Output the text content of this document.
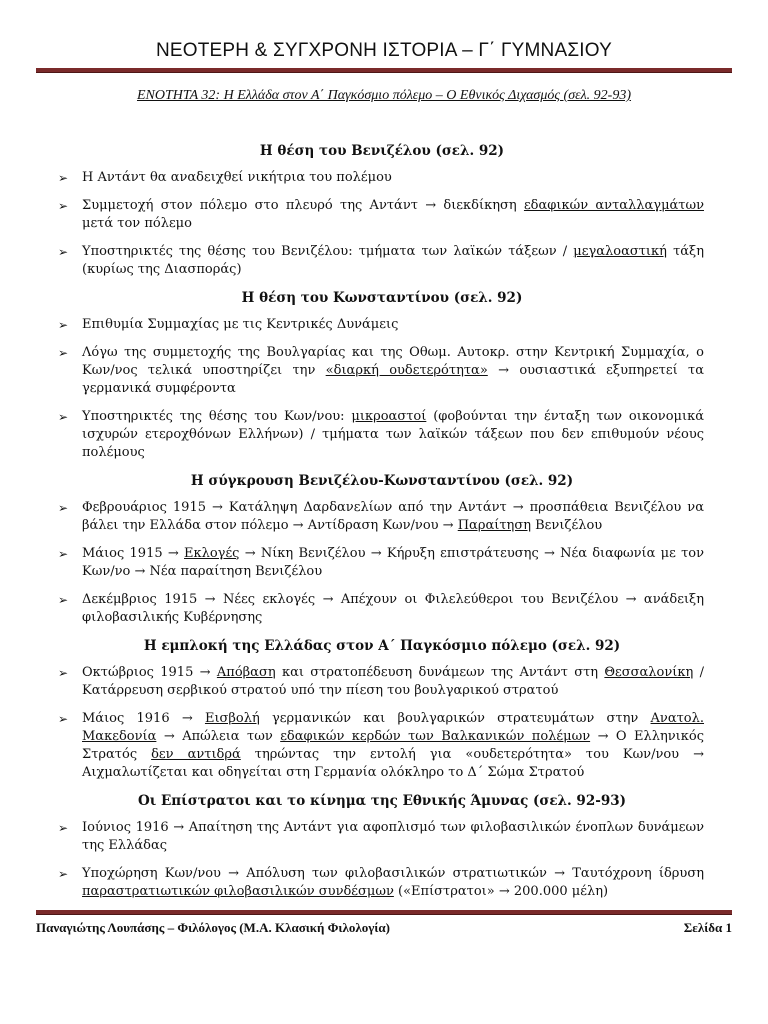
ΝΕΟΤΕΡΗ & ΣΥΓΧΡΟΝΗ ΙΣΤΟΡΙΑ – Γ΄ ΓΥΜΝΑΣΙΟΥ
ΕΝΟΤΗΤΑ 32: Η Ελλάδα στον Α΄ Παγκόσμιο πόλεμο – Ο Εθνικός Διχασμός (σελ. 92-93)
Η θέση του Βενιζέλου (σελ. 92)
➢ Η Αντάντ θα αναδειχθεί νικήτρια του πολέμου
➢ Συμμετοχή στον πόλεμο στο πλευρό της Αντάντ → διεκδίκηση εδαφικών ανταλλαγμάτων μετά τον πόλεμο
➢ Υποστηρικτές της θέσης του Βενιζέλου: τμήματα των λαϊκών τάξεων / μεγαλοαστική τάξη (κυρίως της Διασποράς)
Η θέση του Κωνσταντίνου (σελ. 92)
➢ Επιθυμία Συμμαχίας με τις Κεντρικές Δυνάμεις
➢ Λόγω της συμμετοχής της Βουλγαρίας και της Οθωμ. Αυτοκρ. στην Κεντρική Συμμαχία, ο Κων/νος τελικά υποστηρίζει την «διαρκή ουδετερότητα» → ουσιαστικά εξυπηρετεί τα γερμανικά συμφέροντα
➢ Υποστηρικτές της θέσης του Κων/νου: μικροαστοί (φοβούνται την ένταξη των οικονομικά ισχυρών ετεροχθόνων Ελλήνων) / τμήματα των λαϊκών τάξεων που δεν επιθυμούν νέους πολέμους
Η σύγκρουση Βενιζέλου-Κωνσταντίνου (σελ. 92)
➢ Φεβρουάριος 1915 → Κατάληψη Δαρδανελίων από την Αντάντ → προσπάθεια Βενιζέλου να βάλει την Ελλάδα στον πόλεμο → Αντίδραση Κων/νου → Παραίτηση Βενιζέλου
➢ Μάιος 1915 → Εκλογές → Νίκη Βενιζέλου → Κήρυξη επιστράτευσης → Νέα διαφωνία με τον Κων/νο → Νέα παραίτηση Βενιζέλου
➢ Δεκέμβριος 1915 → Νέες εκλογές → Απέχουν οι Φιλελεύθεροι του Βενιζέλου → ανάδειξη φιλοβασιλικής Κυβέρνησης
Η εμπλοκή της Ελλάδας στον Α΄ Παγκόσμιο πόλεμο (σελ. 92)
➢ Οκτώβριος 1915 → Απόβαση και στρατοπέδευση δυνάμεων της Αντάντ στη Θεσσαλονίκη / Κατάρρευση σερβικού στρατού υπό την πίεση του βουλγαρικού στρατού
➢ Μάιος 1916 → Εισβολή γερμανικών και βουλγαρικών στρατευμάτων στην Ανατολ. Μακεδονία → Απώλεια των εδαφικών κερδών των Βαλκανικών πολέμων → Ο Ελληνικός Στρατός δεν αντιδρά τηρώντας την εντολή για «ουδετερότητα» του Κων/νου → Αιχμαλωτίζεται και οδηγείται στη Γερμανία ολόκληρο το Δ΄ Σώμα Στρατού
Οι Επίστρατοι και το κίνημα της Εθνικής Άμυνας (σελ. 92-93)
➢ Ιούνιος 1916 → Απαίτηση της Αντάντ για αφοπλισμό των φιλοβασιλικών ένοπλων δυνάμεων της Ελλάδας
➢ Υποχώρηση Κων/νου → Απόλυση των φιλοβασιλικών στρατιωτικών → Ταυτόχρονη ίδρυση παραστρατιωτικών φιλοβασιλικών συνδέσμων («Επίστρατοι» → 200.000 μέλη)
Παναγιώτης Λουπάσης – Φιλόλογος (Μ.Α. Κλασική Φιλολογία)	Σελίδα 1
